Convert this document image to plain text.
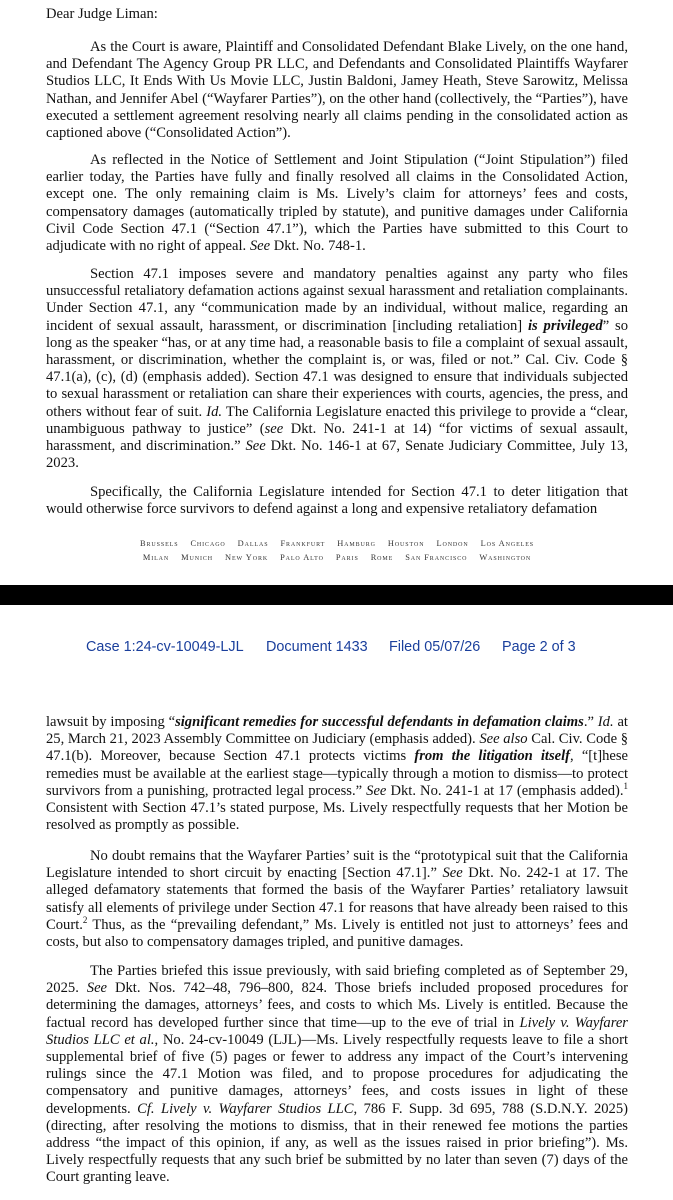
Dear Judge Liman:

As the Court is aware, Plaintiff and Consolidated Defendant Blake Lively, on the one hand, and Defendant The Agency Group PR LLC, and Defendants and Consolidated Plaintiffs Wayfarer Studios LLC, It Ends With Us Movie LLC, Justin Baldoni, Jamey Heath, Steve Sarowitz, Melissa Nathan, and Jennifer Abel (“Wayfarer Parties”), on the other hand (collectively, the “Parties”), have executed a settlement agreement resolving nearly all claims pending in the consolidated action as captioned above (“Consolidated Action”).

As reflected in the Notice of Settlement and Joint Stipulation (“Joint Stipulation”) filed earlier today, the Parties have fully and finally resolved all claims in the Consolidated Action, except one. The only remaining claim is Ms. Lively’s claim for attorneys’ fees and costs, compensatory damages (automatically tripled by statute), and punitive damages under California Civil Code Section 47.1 (“Section 47.1”), which the Parties have submitted to this Court to adjudicate with no right of appeal. See Dkt. No. 748-1.

Section 47.1 imposes severe and mandatory penalties against any party who files unsuccessful retaliatory defamation actions against sexual harassment and retaliation complainants. Under Section 47.1, any “communication made by an individual, without malice, regarding an incident of sexual assault, harassment, or discrimination [including retaliation] is privileged” so long as the speaker “has, or at any time had, a reasonable basis to file a complaint of sexual assault, harassment, or discrimination, whether the complaint is, or was, filed or not.” Cal. Civ. Code § 47.1(a), (c), (d) (emphasis added). Section 47.1 was designed to ensure that individuals subjected to sexual harassment or retaliation can share their experiences with courts, agencies, the press, and others without fear of suit. Id. The California Legislature enacted this privilege to provide a “clear, unambiguous pathway to justice” (see Dkt. No. 241-1 at 14) “for victims of sexual assault, harassment, and discrimination.” See Dkt. No. 146-1 at 67, Senate Judiciary Committee, July 13, 2023.

Specifically, the California Legislature intended for Section 47.1 to deter litigation that would otherwise force survivors to defend against a long and expensive retaliatory defamation

Brussels Chicago Dallas Frankfurt Hamburg Houston London Los Angeles
Milan Munich New York Palo Alto Paris Rome San Francisco Washington
Case 1:24-cv-10049-LJL Document 1433 Filed 05/07/26 Page 2 of 3

lawsuit by imposing “significant remedies for successful defendants in defamation claims.” Id. at 25, March 21, 2023 Assembly Committee on Judiciary (emphasis added). See also Cal. Civ. Code § 47.1(b). Moreover, because Section 47.1 protects victims from the litigation itself, “[t]hese remedies must be available at the earliest stage—typically through a motion to dismiss—to protect survivors from a punishing, protracted legal process.” See Dkt. No. 241-1 at 17 (emphasis added).$^1$ Consistent with Section 47.1’s stated purpose, Ms. Lively respectfully requests that her Motion be resolved as promptly as possible.

No doubt remains that the Wayfarer Parties’ suit is the “prototypical suit that the California Legislature intended to short circuit by enacting [Section 47.1].” See Dkt. No. 242-1 at 17. The alleged defamatory statements that formed the basis of the Wayfarer Parties’ retaliatory lawsuit satisfy all elements of privilege under Section 47.1 for reasons that have already been raised to this Court.$^2$ Thus, as the “prevailing defendant,” Ms. Lively is entitled not just to attorneys’ fees and costs, but also to compensatory damages tripled, and punitive damages.

The Parties briefed this issue previously, with said briefing completed as of September 29, 2025. See Dkt. Nos. 742–48, 796–800, 824. Those briefs included proposed procedures for determining the damages, attorneys’ fees, and costs to which Ms. Lively is entitled. Because the factual record has developed further since that time—up to the eve of trial in Lively v. Wayfarer Studios LLC et al., No. 24-cv-10049 (LJL)—Ms. Lively respectfully requests leave to file a short supplemental brief of five (5) pages or fewer to address any impact of the Court’s intervening rulings since the 47.1 Motion was filed, and to propose procedures for adjudicating the compensatory and punitive damages, attorneys’ fees, and costs issues in light of these developments. Cf. Lively v. Wayfarer Studios LLC, 786 F. Supp. 3d 695, 788 (S.D.N.Y. 2025) (directing, after resolving the motions to dismiss, that in their renewed fee motions the parties address “the impact of this opinion, if any, as well as the issues raised in prior briefing”). Ms. Lively respectfully requests that any such brief be submitted by no later than seven (7) days of the Court granting leave.
